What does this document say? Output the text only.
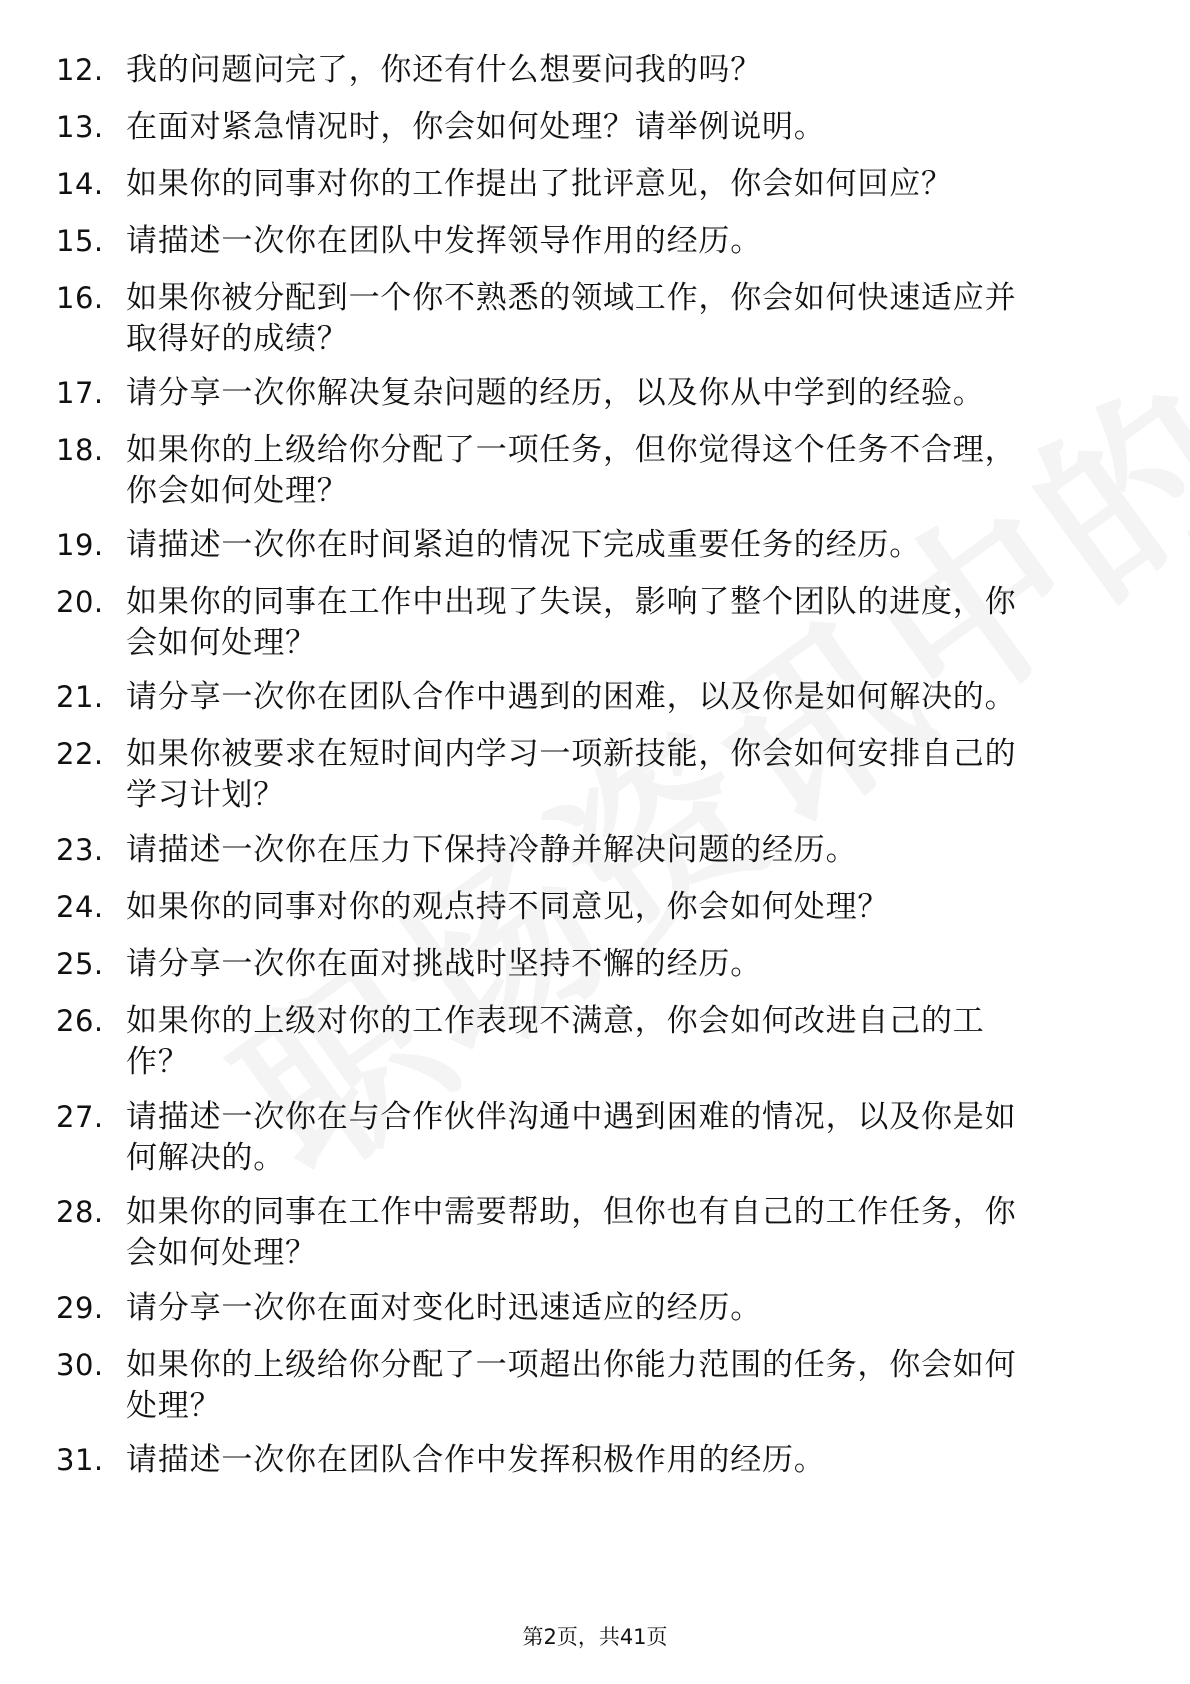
12. 我的问题问完了，你还有什么想要问我的吗？
13. 在面对紧急情况时，你会如何处理？请举例说明。
14. 如果你的同事对你的工作提出了批评意见，你会如何回应？
15. 请描述一次你在团队中发挥领导作用的经历。
16. 如果你被分配到一个你不熟悉的领域工作，你会如何快速适应并
取得好的成绩？
17. 请分享一次你解决复杂问题的经历，以及你从中学到的经验。
18. 如果你的上级给你分配了一项任务，但你觉得这个任务不合理，
你会如何处理？
19. 请描述一次你在时间紧迫的情况下完成重要任务的经历。
20. 如果你的同事在工作中出现了失误，影响了整个团队的进度，你
会如何处理？
21. 请分享一次你在团队合作中遇到的困难，以及你是如何解决的。
22. 如果你被要求在短时间内学习一项新技能，你会如何安排自己的
学习计划？
23. 请描述一次你在压力下保持冷静并解决问题的经历。
24. 如果你的同事对你的观点持不同意见，你会如何处理？
25. 请分享一次你在面对挑战时坚持不懈的经历。
26. 如果你的上级对你的工作表现不满意，你会如何改进自己的工
作？
27. 请描述一次你在与合作伙伴沟通中遇到困难的情况，以及你是如
何解决的。
28. 如果你的同事在工作中需要帮助，但你也有自己的工作任务，你
会如何处理？
29. 请分享一次你在面对变化时迅速适应的经历。
30. 如果你的上级给你分配了一项超出你能力范围的任务，你会如何
处理？
31. 请描述一次你在团队合作中发挥积极作用的经历。
第2页，共41页
